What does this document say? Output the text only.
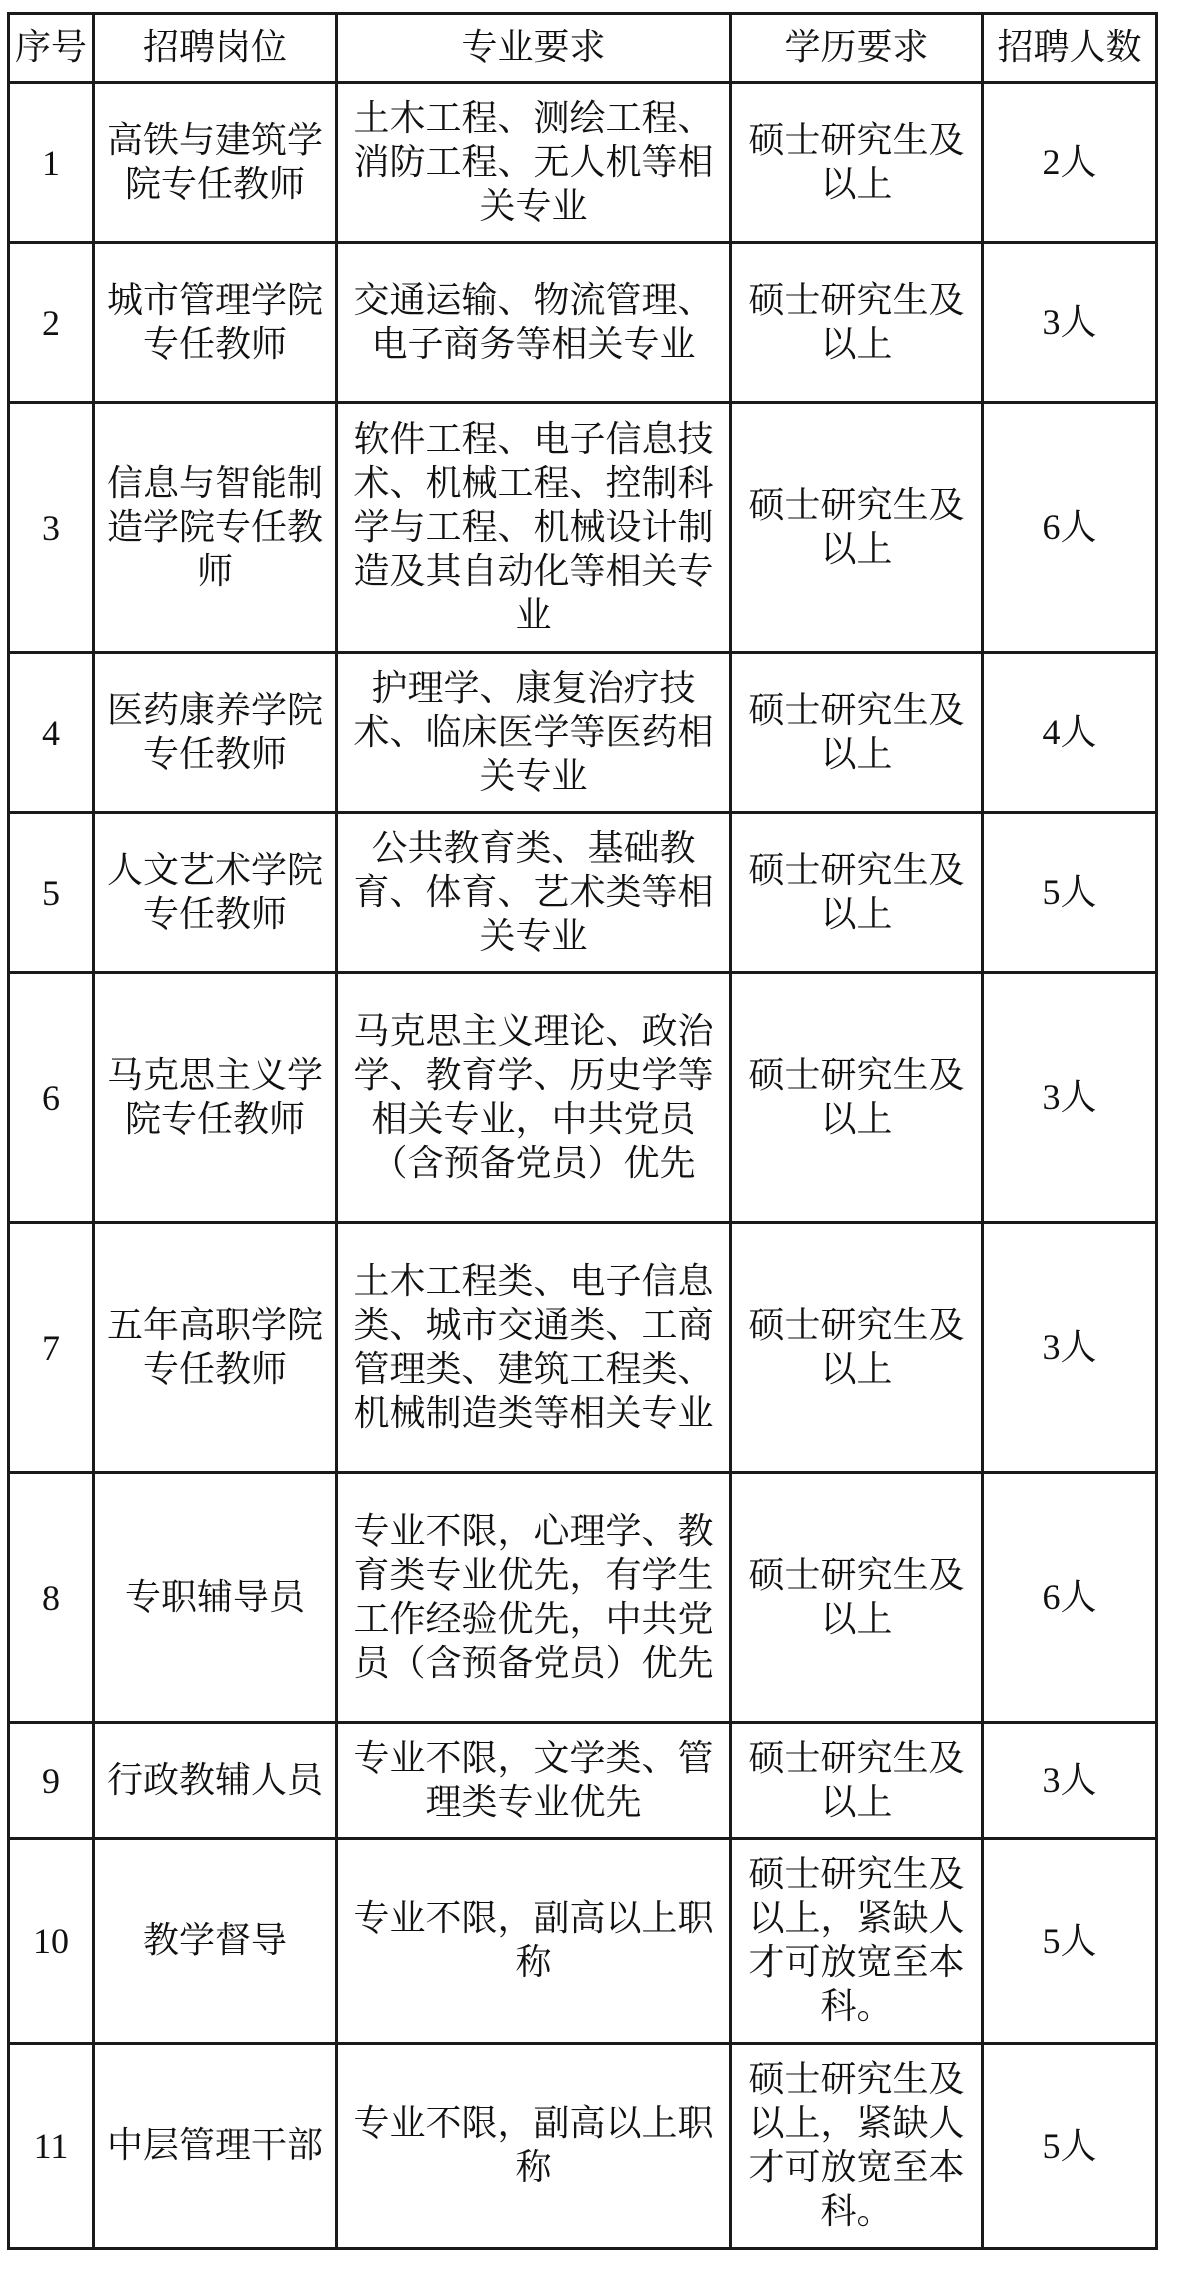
序号	招聘岗位	专业要求	学历要求	招聘人数
1	高铁与建筑学院专任教师	土木工程、测绘工程、消防工程、无人机等相关专业	硕士研究生及以上	2人
2	城市管理学院专任教师	交通运输、物流管理、电子商务等相关专业	硕士研究生及以上	3人
3	信息与智能制造学院专任教师	软件工程、电子信息技术、机械工程、控制科学与工程、机械设计制造及其自动化等相关专业	硕士研究生及以上	6人
4	医药康养学院专任教师	护理学、康复治疗技术、临床医学等医药相关专业	硕士研究生及以上	4人
5	人文艺术学院专任教师	公共教育类、基础教育、体育、艺术类等相关专业	硕士研究生及以上	5人
6	马克思主义学院专任教师	马克思主义理论、政治学、教育学、历史学等相关专业，中共党员（含预备党员）优先	硕士研究生及以上	3人
7	五年高职学院专任教师	土木工程类、电子信息类、城市交通类、工商管理类、建筑工程类、机械制造类等相关专业	硕士研究生及以上	3人
8	专职辅导员	专业不限，心理学、教育类专业优先，有学生工作经验优先，中共党员（含预备党员）优先	硕士研究生及以上	6人
9	行政教辅人员	专业不限，文学类、管理类专业优先	硕士研究生及以上	3人
10	教学督导	专业不限，副高以上职称	硕士研究生及以上，紧缺人才可放宽至本科。	5人
11	中层管理干部	专业不限，副高以上职称	硕士研究生及以上，紧缺人才可放宽至本科。	5人
